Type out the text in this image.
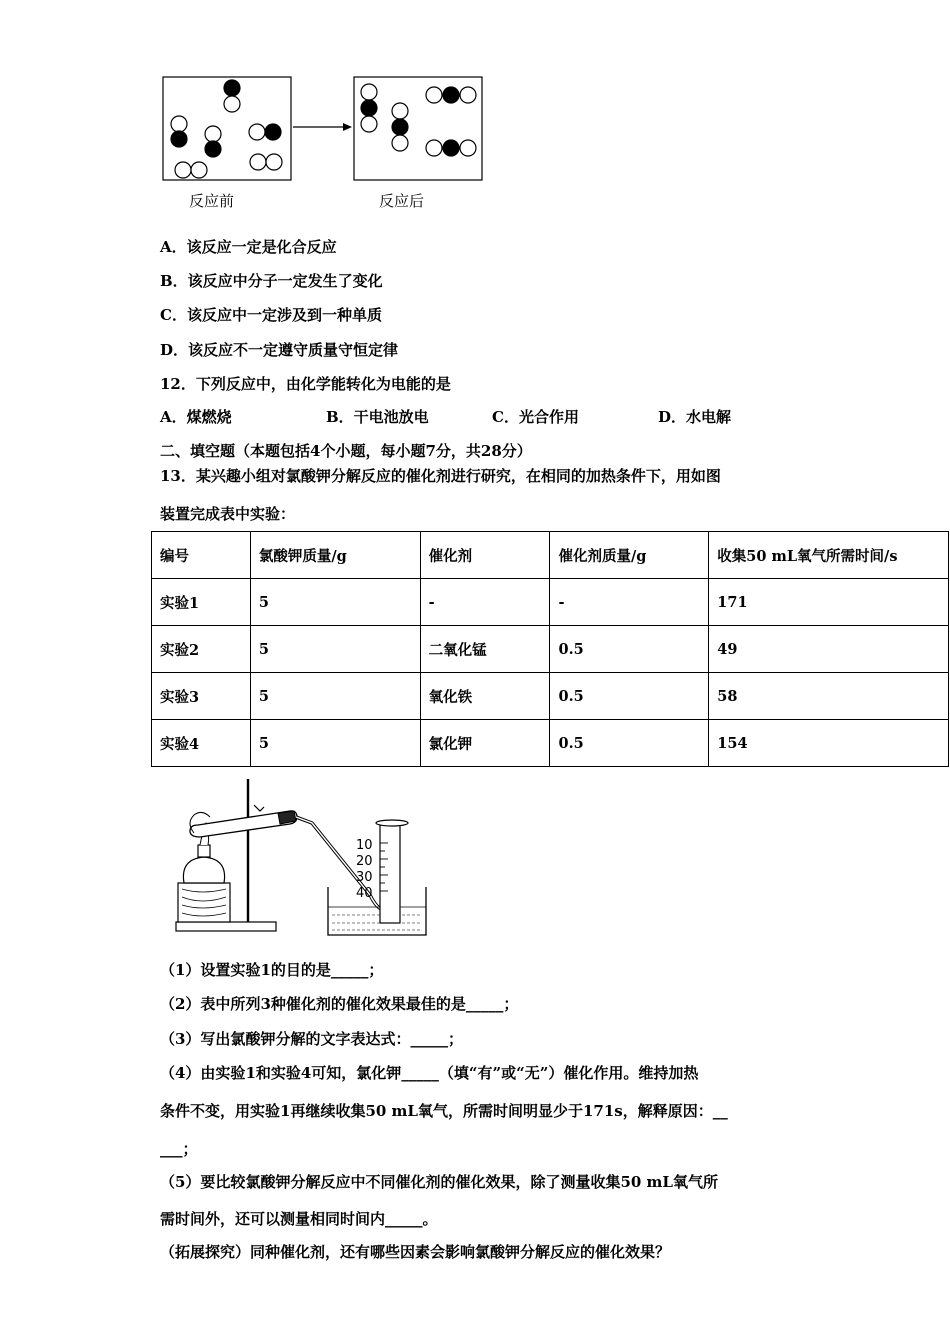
反应前	反应后
A．该反应一定是化合反应
B．该反应中分子一定发生了变化
C．该反应中一定涉及到一种单质
D．该反应不一定遵守质量守恒定律
12．下列反应中，由化学能转化为电能的是
A．煤燃烧	B．干电池放电	C．光合作用	D．水电解
二、填空题（本题包括4个小题，每小题7分，共28分）
13．某兴趣小组对氯酸钾分解反应的催化剂进行研究，在相同的加热条件下，用如图
装置完成表中实验：
编号	氯酸钾质量/g	催化剂	催化剂质量/g	收集50 mL氧气所需时间/s
实验1	5	-	-	171
实验2	5	二氧化锰	0.5	49
实验3	5	氧化铁	0.5	58
实验4	5	氯化钾	0.5	154
10
20
30
40
（1）设置实验1的目的是_____；
（2）表中所列3种催化剂的催化效果最佳的是_____；
（3）写出氯酸钾分解的文字表达式：_____；
（4）由实验1和实验4可知，氯化钾_____（填“有”或“无”）催化作用。维持加热
条件不变，用实验1再继续收集50 mL氧气，所需时间明显少于171s，解释原因：__
___；
（5）要比较氯酸钾分解反应中不同催化剂的催化效果，除了测量收集50 mL氧气所
需时间外，还可以测量相同时间内_____。
（拓展探究）同种催化剂，还有哪些因素会影响氯酸钾分解反应的催化效果？
